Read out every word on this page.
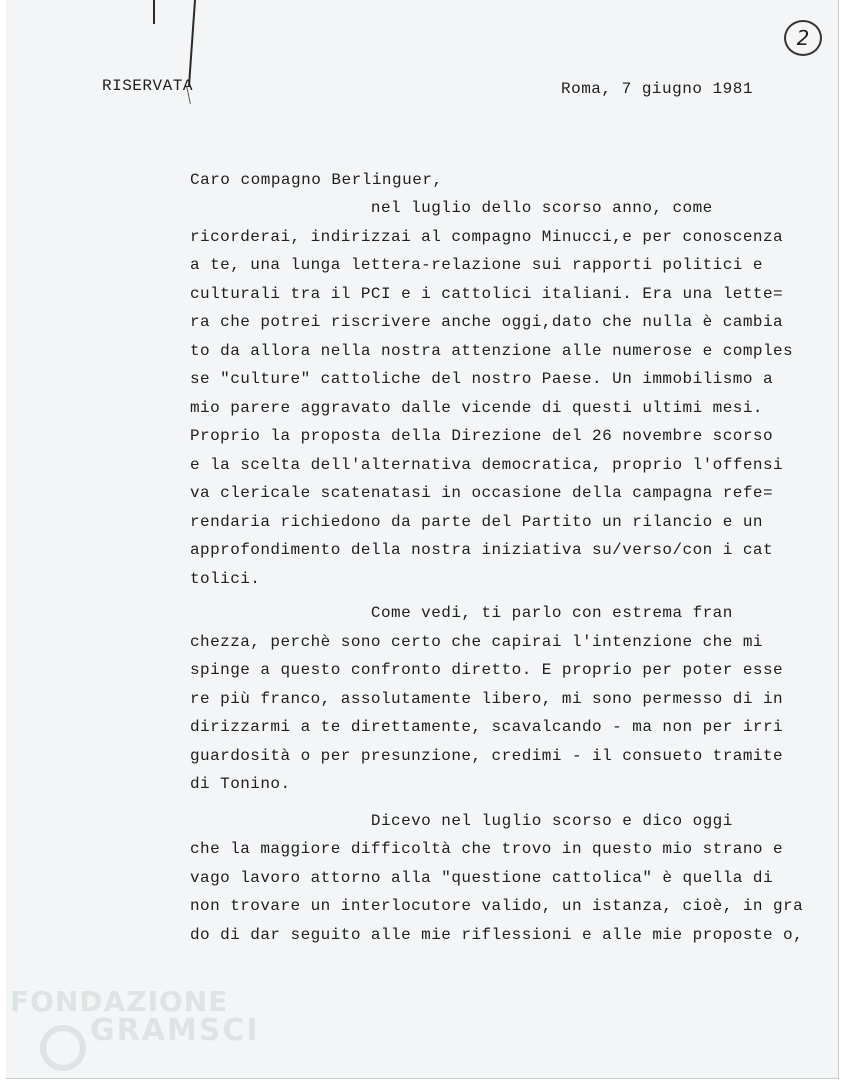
2
RISERVATA	Roma, 7 giugno 1981
Caro compagno Berlinguer,
nel luglio dello scorso anno, come
ricorderai, indirizzai al compagno Minucci,e per conoscenza
a te, una lunga lettera-relazione sui rapporti politici e
culturali tra il PCI e i cattolici italiani. Era una lette=
ra che potrei riscrivere anche oggi,dato che nulla è cambia
to da allora nella nostra attenzione alle numerose e comples
se "culture" cattoliche del nostro Paese. Un immobilismo a
mio parere aggravato dalle vicende di questi ultimi mesi.
Proprio la proposta della Direzione del 26 novembre scorso
e la scelta dell'alternativa democratica, proprio l'offensi
va clericale scatenatasi in occasione della campagna refe=
rendaria richiedono da parte del Partito un rilancio e un
approfondimento della nostra iniziativa su/verso/con i cat
tolici.
Come vedi, ti parlo con estrema fran
chezza, perchè sono certo che capirai l'intenzione che mi
spinge a questo confronto diretto. E proprio per poter esse
re più franco, assolutamente libero, mi sono permesso di in
dirizzarmi a te direttamente, scavalcando - ma non per irri
guardosità o per presunzione, credimi - il consueto tramite
di Tonino.
Dicevo nel luglio scorso e dico oggi
che la maggiore difficoltà che trovo in questo mio strano e
vago lavoro attorno alla "questione cattolica" è quella di
non trovare un interlocutore valido, un istanza, cioè, in gra
do di dar seguito alle mie riflessioni e alle mie proposte o,
FONDAZIONE
GRAMSCI
